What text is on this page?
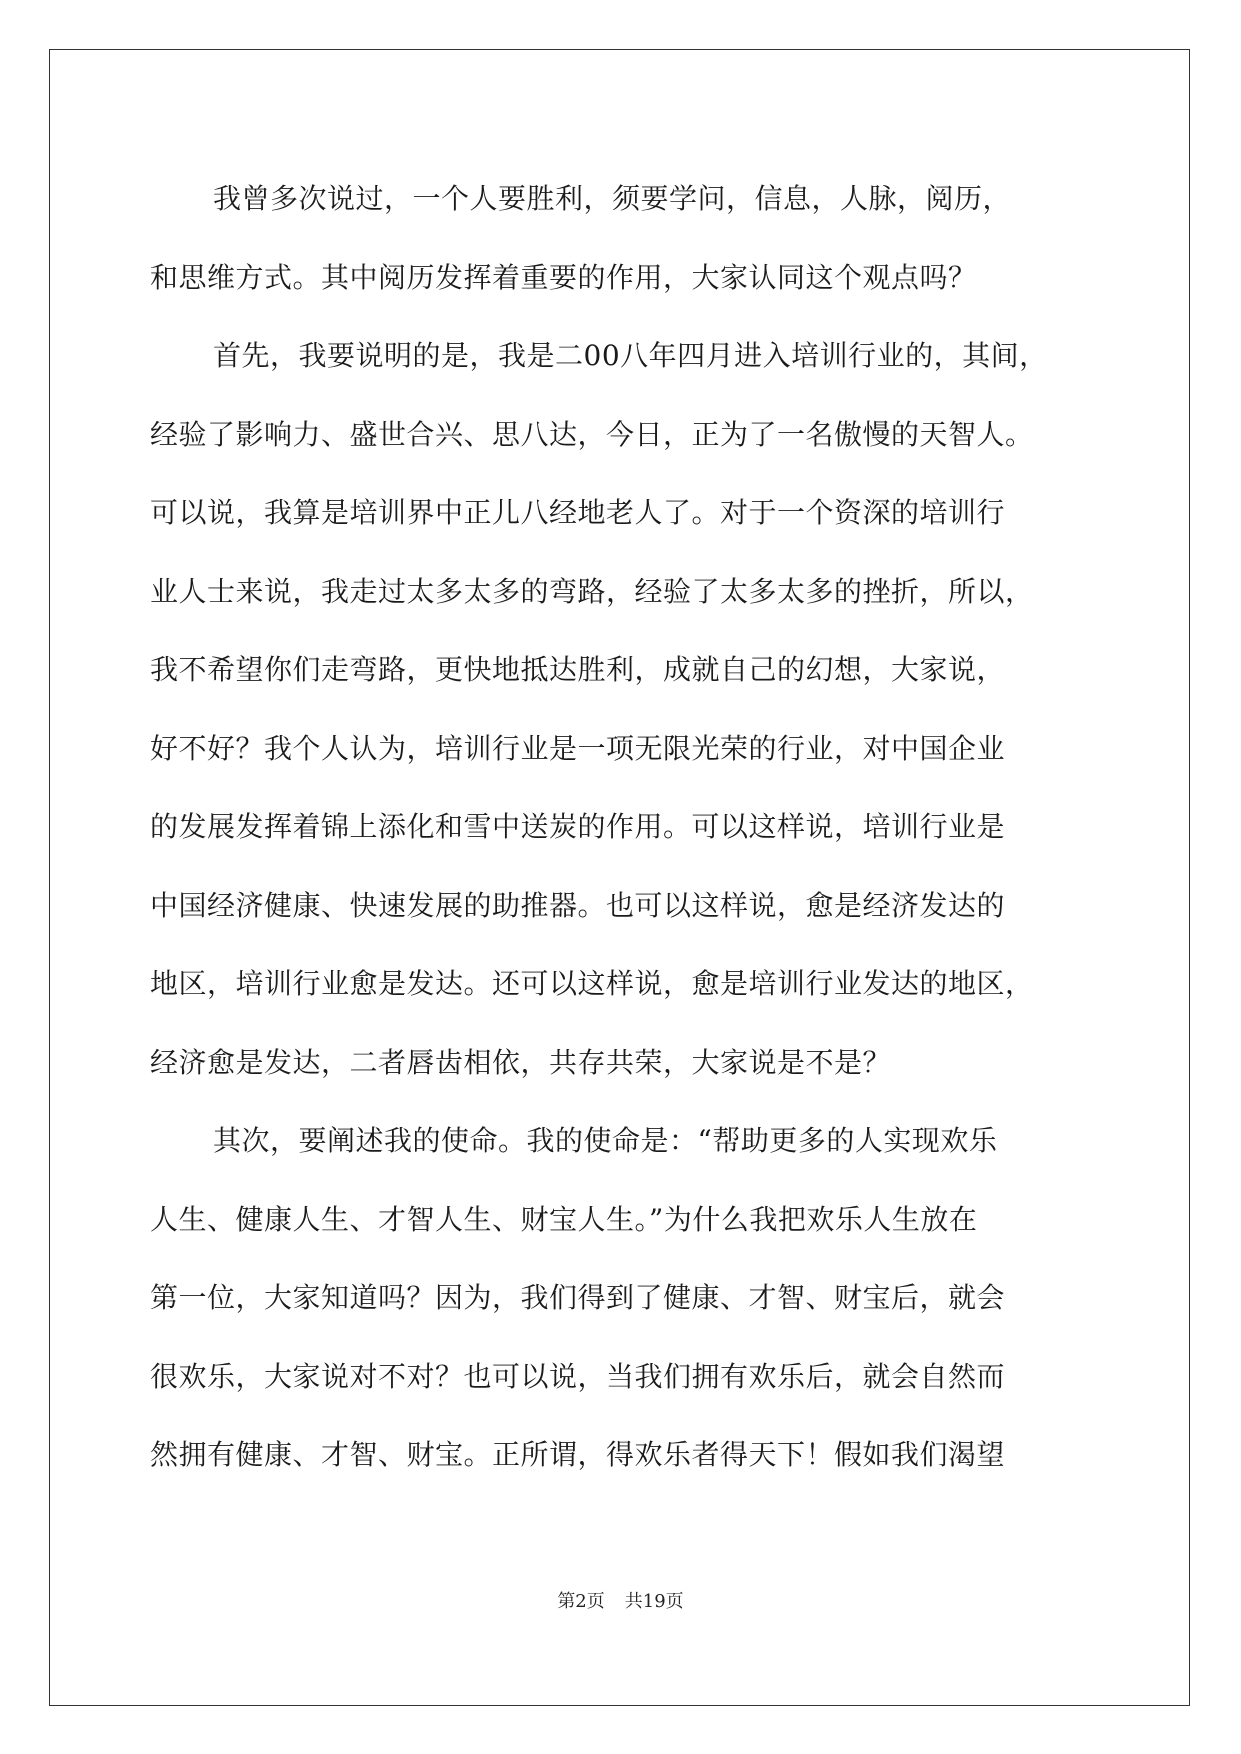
我曾多次说过，一个人要胜利，须要学问，信息，人脉，阅历，
和思维方式。其中阅历发挥着重要的作用，大家认同这个观点吗？
首先，我要说明的是，我是二00八年四月进入培训行业的，其间，
经验了影响力、盛世合兴、思八达，今日，正为了一名傲慢的天智人。
可以说，我算是培训界中正儿八经地老人了。对于一个资深的培训行
业人士来说，我走过太多太多的弯路，经验了太多太多的挫折，所以，
我不希望你们走弯路，更快地抵达胜利，成就自己的幻想，大家说，
好不好？我个人认为，培训行业是一项无限光荣的行业，对中国企业
的发展发挥着锦上添化和雪中送炭的作用。可以这样说，培训行业是
中国经济健康、快速发展的助推器。也可以这样说，愈是经济发达的
地区，培训行业愈是发达。还可以这样说，愈是培训行业发达的地区，
经济愈是发达，二者唇齿相依，共存共荣，大家说是不是？
其次，要阐述我的使命。我的使命是：“帮助更多的人实现欢乐
人生、健康人生、才智人生、财宝人生。”为什么我把欢乐人生放在
第一位，大家知道吗？因为，我们得到了健康、才智、财宝后，就会
很欢乐，大家说对不对？也可以说，当我们拥有欢乐后，就会自然而
然拥有健康、才智、财宝。正所谓，得欢乐者得天下！假如我们渴望
第2页 共19页
